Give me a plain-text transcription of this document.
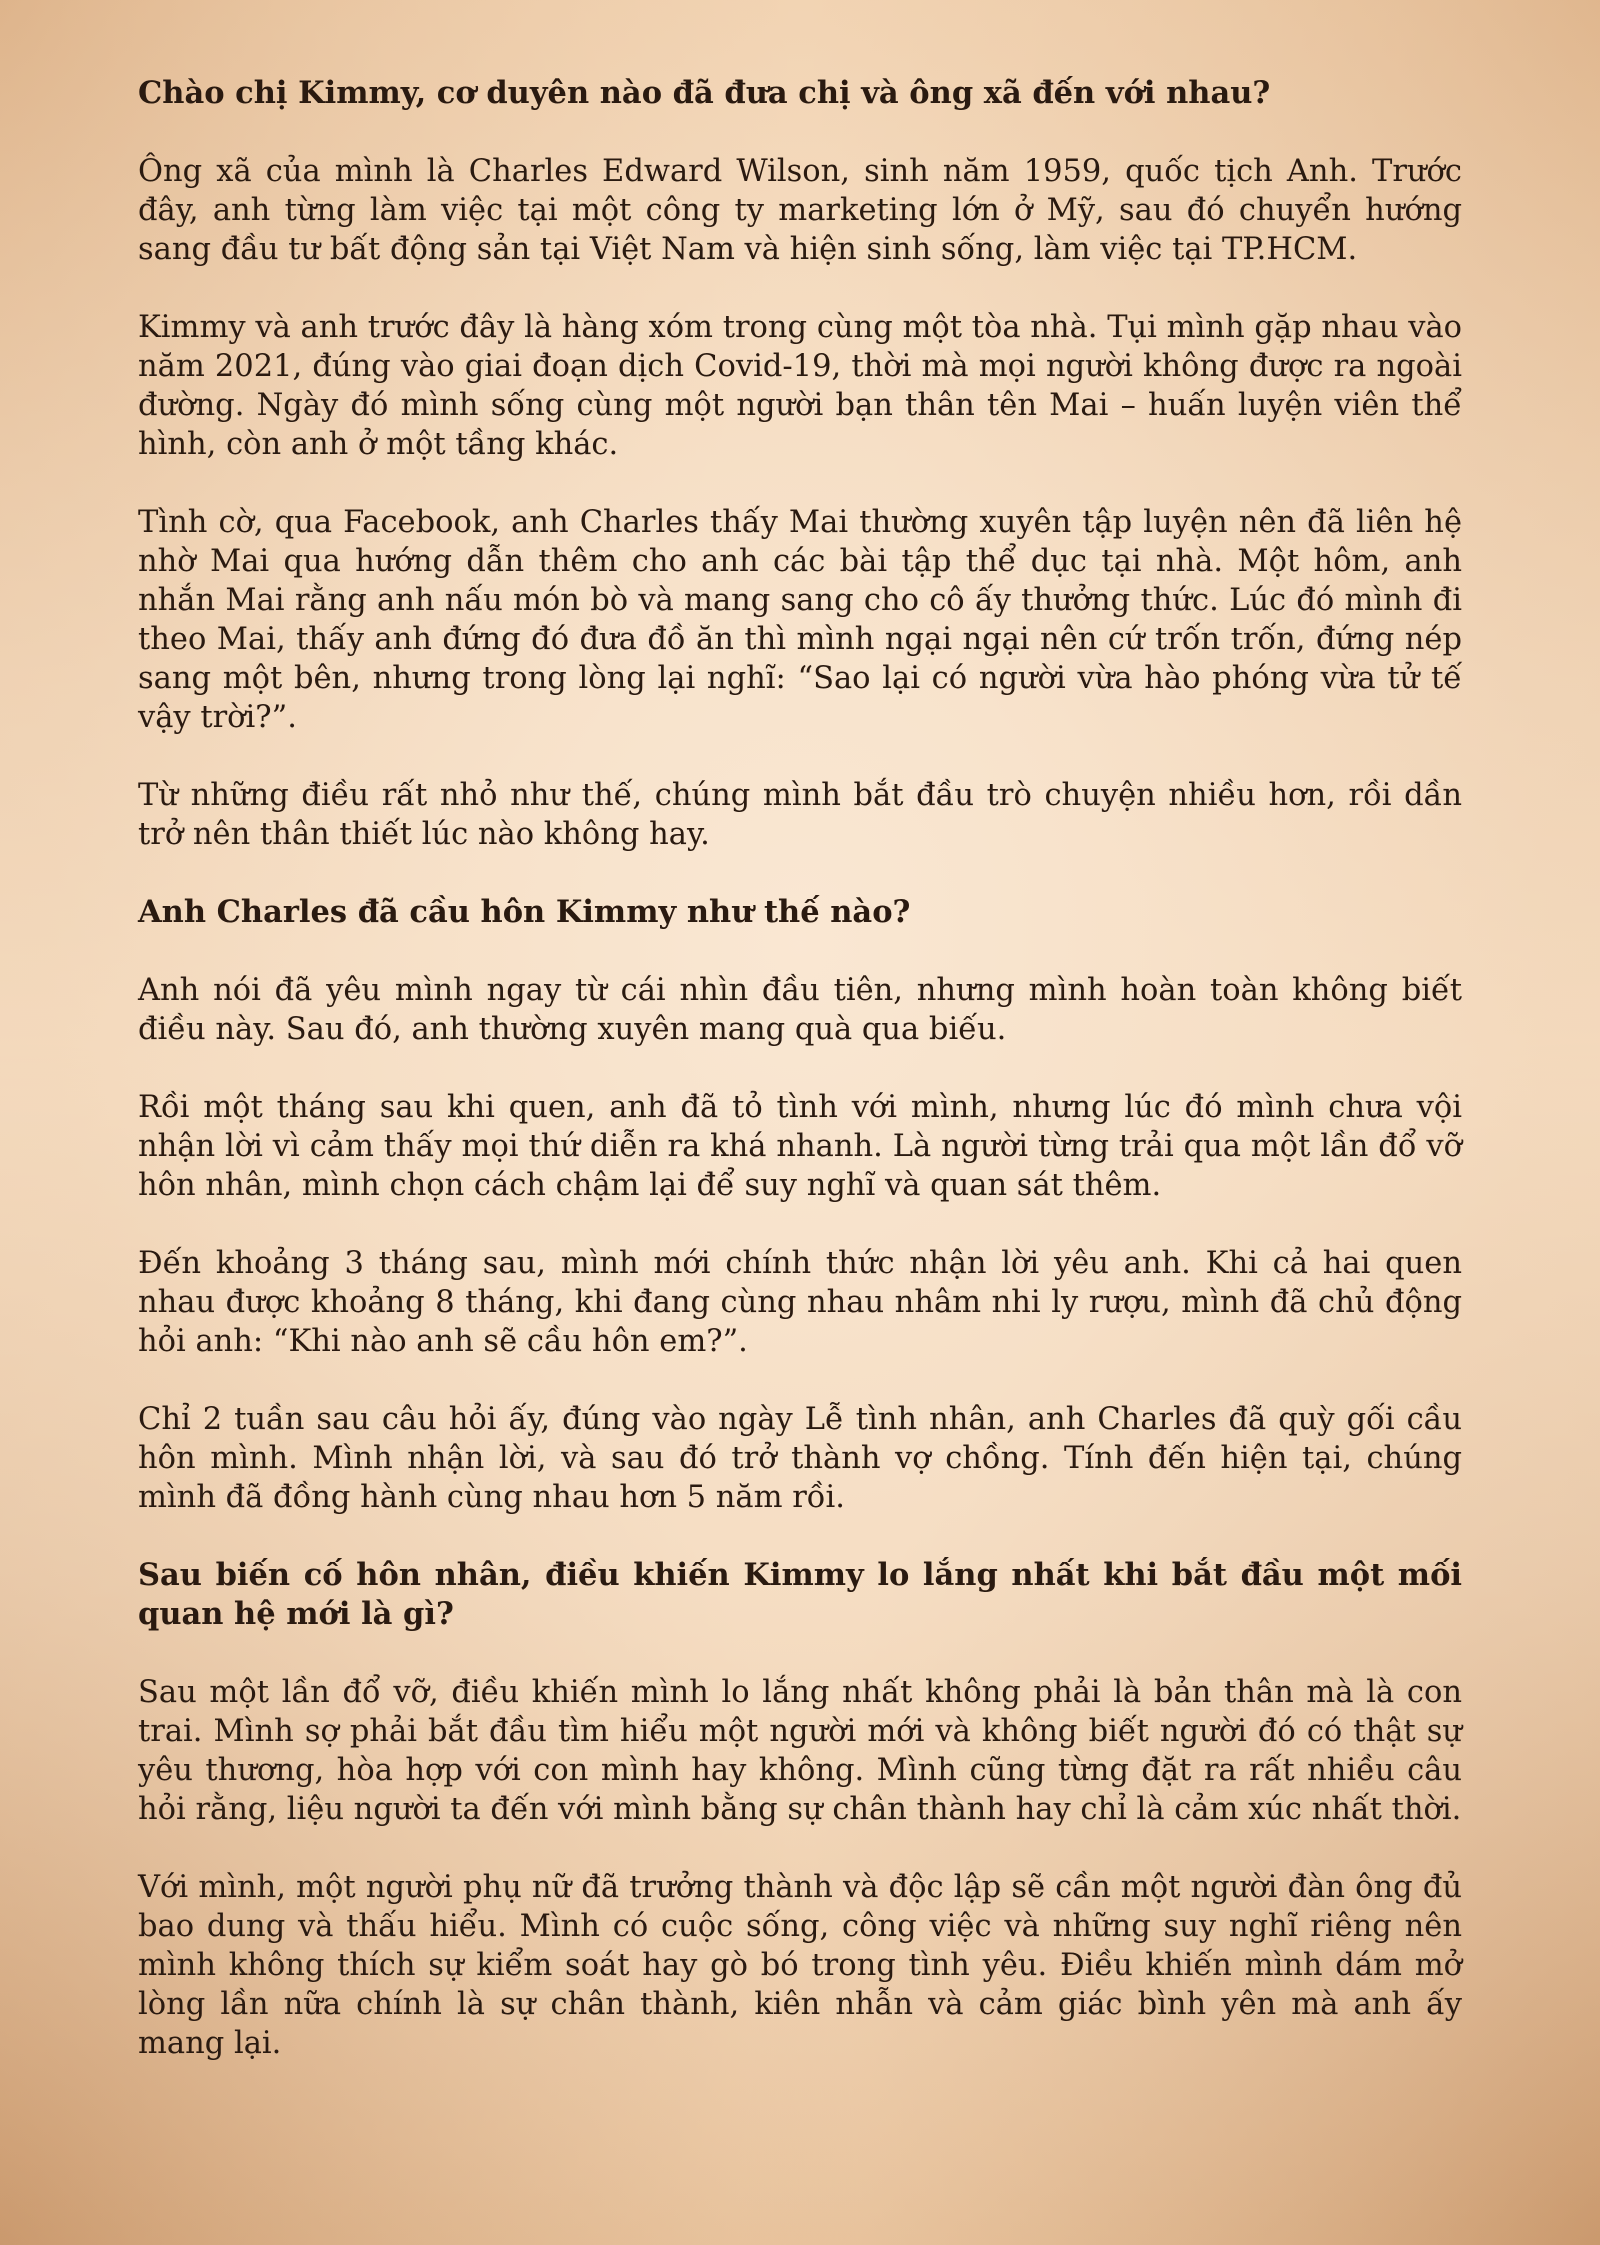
Chào chị Kimmy, cơ duyên nào đã đưa chị và ông xã đến với nhau?

Ông xã của mình là Charles Edward Wilson, sinh năm 1959, quốc tịch Anh. Trước đây, anh từng làm việc tại một công ty marketing lớn ở Mỹ, sau đó chuyển hướng sang đầu tư bất động sản tại Việt Nam và hiện sinh sống, làm việc tại TP.HCM.

Kimmy và anh trước đây là hàng xóm trong cùng một tòa nhà. Tụi mình gặp nhau vào năm 2021, đúng vào giai đoạn dịch Covid-19, thời mà mọi người không được ra ngoài đường. Ngày đó mình sống cùng một người bạn thân tên Mai – huấn luyện viên thể hình, còn anh ở một tầng khác.

Tình cờ, qua Facebook, anh Charles thấy Mai thường xuyên tập luyện nên đã liên hệ nhờ Mai qua hướng dẫn thêm cho anh các bài tập thể dục tại nhà. Một hôm, anh nhắn Mai rằng anh nấu món bò và mang sang cho cô ấy thưởng thức. Lúc đó mình đi theo Mai, thấy anh đứng đó đưa đồ ăn thì mình ngại ngại nên cứ trốn trốn, đứng nép sang một bên, nhưng trong lòng lại nghĩ: “Sao lại có người vừa hào phóng vừa tử tế vậy trời?”.

Từ những điều rất nhỏ như thế, chúng mình bắt đầu trò chuyện nhiều hơn, rồi dần trở nên thân thiết lúc nào không hay.

Anh Charles đã cầu hôn Kimmy như thế nào?

Anh nói đã yêu mình ngay từ cái nhìn đầu tiên, nhưng mình hoàn toàn không biết điều này. Sau đó, anh thường xuyên mang quà qua biếu.

Rồi một tháng sau khi quen, anh đã tỏ tình với mình, nhưng lúc đó mình chưa vội nhận lời vì cảm thấy mọi thứ diễn ra khá nhanh. Là người từng trải qua một lần đổ vỡ hôn nhân, mình chọn cách chậm lại để suy nghĩ và quan sát thêm.

Đến khoảng 3 tháng sau, mình mới chính thức nhận lời yêu anh. Khi cả hai quen nhau được khoảng 8 tháng, khi đang cùng nhau nhâm nhi ly rượu, mình đã chủ động hỏi anh: “Khi nào anh sẽ cầu hôn em?”.

Chỉ 2 tuần sau câu hỏi ấy, đúng vào ngày Lễ tình nhân, anh Charles đã quỳ gối cầu hôn mình. Mình nhận lời, và sau đó trở thành vợ chồng. Tính đến hiện tại, chúng mình đã đồng hành cùng nhau hơn 5 năm rồi.

Sau biến cố hôn nhân, điều khiến Kimmy lo lắng nhất khi bắt đầu một mối quan hệ mới là gì?

Sau một lần đổ vỡ, điều khiến mình lo lắng nhất không phải là bản thân mà là con trai. Mình sợ phải bắt đầu tìm hiểu một người mới và không biết người đó có thật sự yêu thương, hòa hợp với con mình hay không. Mình cũng từng đặt ra rất nhiều câu hỏi rằng, liệu người ta đến với mình bằng sự chân thành hay chỉ là cảm xúc nhất thời.

Với mình, một người phụ nữ đã trưởng thành và độc lập sẽ cần một người đàn ông đủ bao dung và thấu hiểu. Mình có cuộc sống, công việc và những suy nghĩ riêng nên mình không thích sự kiểm soát hay gò bó trong tình yêu. Điều khiến mình dám mở lòng lần nữa chính là sự chân thành, kiên nhẫn và cảm giác bình yên mà anh ấy mang lại.
